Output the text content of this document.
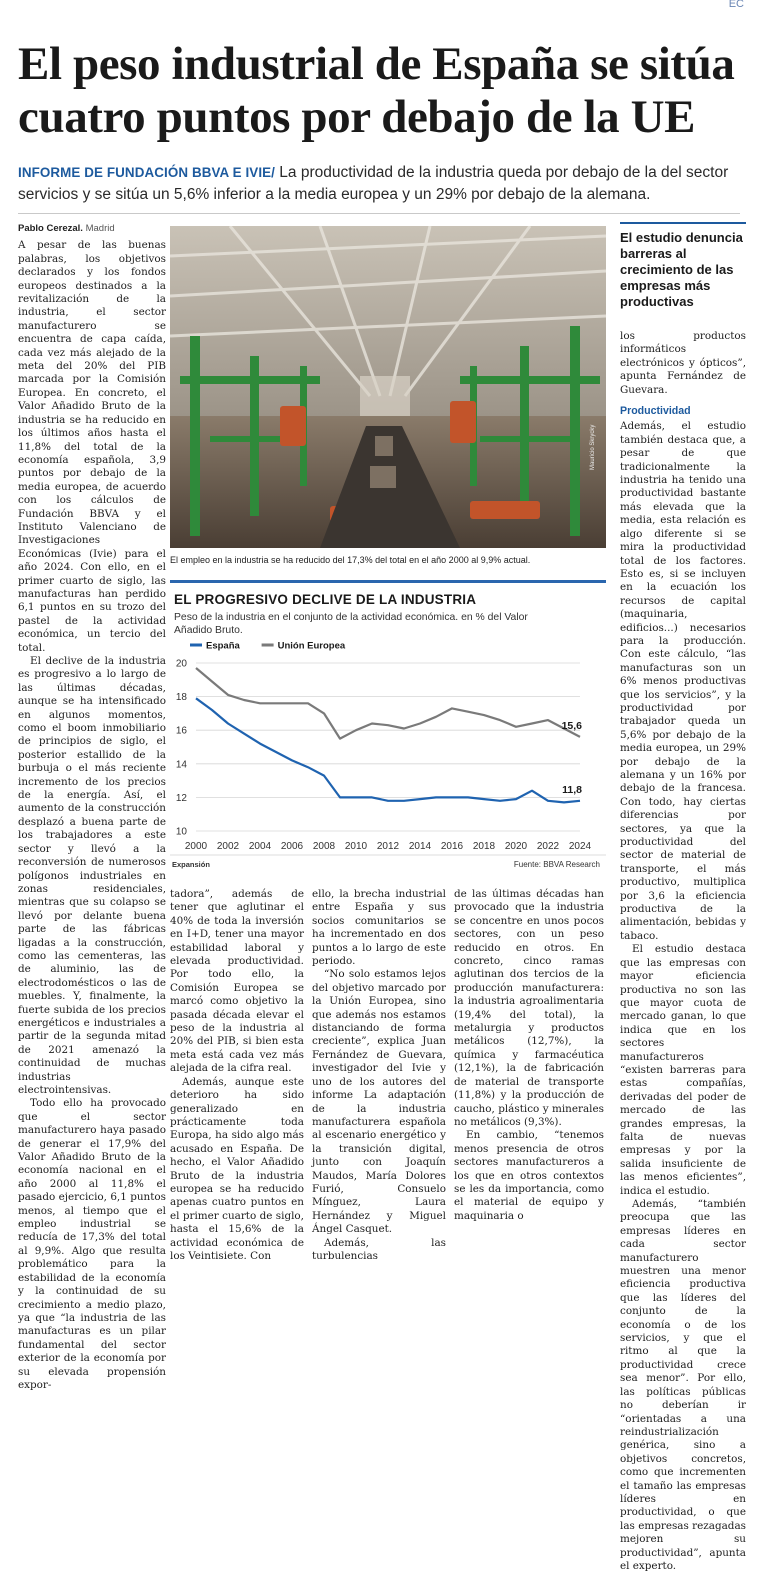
EC
El peso industrial de España se sitúa cuatro puntos por debajo de la UE
INFORME DE FUNDACIÓN BBVA E IVIE/ La productividad de la industria queda por debajo de la del sector servicios y se sitúa un 5,6% inferior a la media europea y un 29% por debajo de la alemana.

Pablo Cerezal. Madrid

A pesar de las buenas palabras, los objetivos declarados y los fondos europeos destinados a la revitalización de la industria, el sector manufacturero se encuentra de capa caída, cada vez más alejado de la meta del 20% del PIB marcada por la Comisión Europea. En concreto, el Valor Añadido Bruto de la industria se ha reducido en los últimos años hasta el 11,8% del total de la economía española, 3,9 puntos por debajo de la media europea, de acuerdo con los cálculos de Fundación BBVA y el Instituto Valenciano de Investigaciones Económicas (Ivie) para el año 2024. Con ello, en el primer cuarto de siglo, las manufacturas han perdido 6,1 puntos en su trozo del pastel de la actividad económica, un tercio del total.

El declive de la industria es progresivo a lo largo de las últimas décadas, aunque se ha intensificado en algunos momentos, como el boom inmobiliario de principios de siglo, el posterior estallido de la burbuja o el más reciente incremento de los precios de la energía. Así, el aumento de la construcción desplazó a buena parte de los trabajadores a este sector y llevó a la reconversión de numerosos polígonos industriales en zonas residenciales, mientras que su colapso se llevó por delante buena parte de las fábricas ligadas a la construcción, como las cementeras, las de aluminio, las de electrodomésticos o las de muebles. Y, finalmente, la fuerte subida de los precios energéticos e industriales a partir de la segunda mitad de 2021 amenazó la continuidad de muchas industrias electrointensivas.

Todo ello ha provocado que el sector manufacturero haya pasado de generar el 17,9% del Valor Añadido Bruto de la economía nacional en el año 2000 al 11,8% el pasado ejercicio, 6,1 puntos menos, al tiempo que el empleo industrial se reducía de 17,3% del total al 9,9%. Algo que resulta problemático para la estabilidad de la economía y la continuidad de su crecimiento a medio plazo, ya que “la industria de las manufacturas es un pilar fundamental del sector exterior de la economía por su elevada propensión expor-

Mauricio Skrycky
El empleo en la industria se ha reducido del 17,3% del total en el año 2000 al 9,9% actual.
EL PROGRESIVO DECLIVE DE LA INDUSTRIA
Peso de la industria en el conjunto de la actividad económica. en % del Valor Añadido Bruto.
10
12
14
16
18
20
2000 2002 2004 2006 2008 2010 2012 2014 2016 2018 2020 2022 2024
11,8
15,6
España	Unión Europea
Expansión	Fuente: BBVA Research
El estudio denuncia barreras al crecimiento de las empresas más productivas

los productos informáticos electrónicos y ópticos”, apunta Fernández de Guevara.

Productividad

Además, el estudio también destaca que, a pesar de que tradicionalmente la industria ha tenido una productividad bastante más elevada que la media, esta relación es algo diferente si se mira la productividad total de los factores. Esto es, si se incluyen en la ecuación los recursos de capital (maquinaria, edificios...) necesarios para la producción. Con este cálculo, “las manufacturas son un 6% menos productivas que los servicios”, y la productividad por trabajador queda un 5,6% por debajo de la media europea, un 29% por debajo de la alemana y un 16% por debajo de la francesa. Con todo, hay ciertas diferencias por sectores, ya que la productividad del sector de material de transporte, el más productivo, multiplica por 3,6 la eficiencia productiva de la alimentación, bebidas y tabaco.

El estudio destaca que las empresas con mayor eficiencia productiva no son las que mayor cuota de mercado ganan, lo que indica que en los sectores manufactureros “existen barreras para estas compañías, derivadas del poder de mercado de las grandes empresas, la falta de nuevas empresas y por la salida insuficiente de las menos eficientes”, indica el estudio.

Además, “también preocupa que las empresas líderes en cada sector manufacturero muestren una menor eficiencia productiva que las líderes del conjunto de la economía o de los servicios, y que el ritmo al que la productividad crece sea menor”. Por ello, las políticas públicas no deberían ir “orientadas a una reindustrialización genérica, sino a objetivos concretos, como que incrementen el tamaño las empresas líderes en productividad, o que las empresas rezagadas mejoren su productividad”, apunta el experto.

tadora”, además de tener que aglutinar el 40% de toda la inversión en I+D, tener una mayor estabilidad laboral y elevada productividad. Por todo ello, la Comisión Europea se marcó como objetivo la pasada década elevar el peso de la industria al 20% del PIB, si bien esta meta está cada vez más alejada de la cifra real.

Además, aunque este deterioro ha sido generalizado en prácticamente toda Europa, ha sido algo más acusado en España. De hecho, el Valor Añadido Bruto de la industria europea se ha reducido apenas cuatro puntos en el primer cuarto de siglo, hasta el 15,6% de la actividad económica de los Veintisiete. Con

ello, la brecha industrial entre España y sus socios comunitarios se ha incrementado en dos puntos a lo largo de este periodo.

“No solo estamos lejos del objetivo marcado por la Unión Europea, sino que además nos estamos distanciando de forma creciente”, explica Juan Fernández de Guevara, investigador del Ivie y uno de los autores del informe La adaptación de la industria manufacturera española al escenario energético y la transición digital, junto con Joaquín Maudos, María Dolores Furió, Consuelo Mínguez, Laura Hernández y Miguel Ángel Casquet.

Además, las turbulencias

de las últimas décadas han provocado que la industria se concentre en unos pocos sectores, con un peso reducido en otros. En concreto, cinco ramas aglutinan dos tercios de la producción manufacturera: la industria agroalimentaria (19,4% del total), la metalurgia y productos metálicos (12,7%), la química y farmacéutica (12,1%), la de fabricación de material de transporte (11,8%) y la producción de caucho, plástico y minerales no metálicos (9,3%).

En cambio, “tenemos menos presencia de otros sectores manufactureros a los que en otros contextos se les da importancia, como el material de equipo y maquinaria o
